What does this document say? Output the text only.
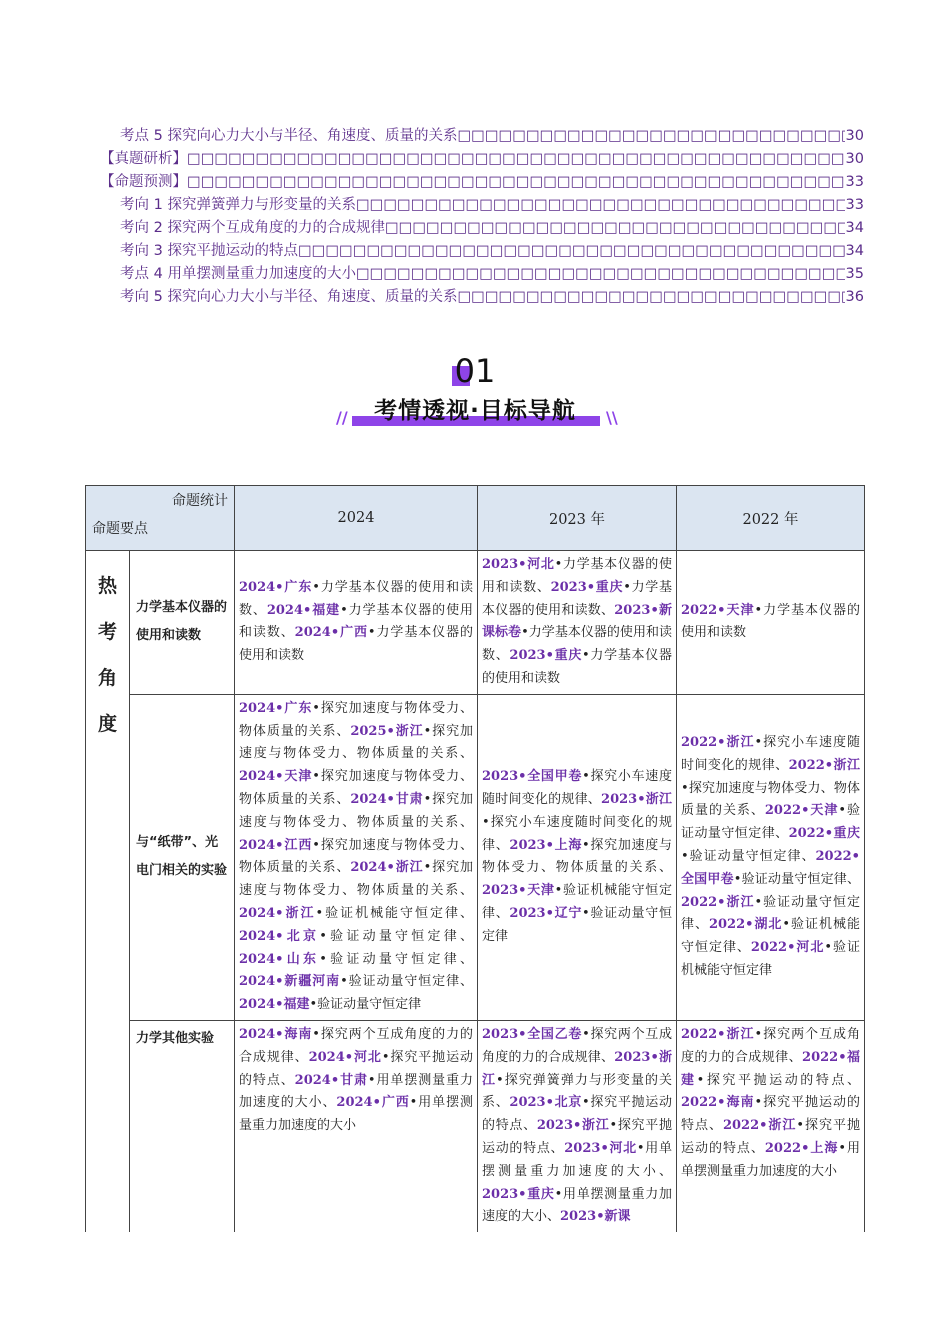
考点 5 探究向心力大小与半径、角速度、质量的关系 □□□□□□□□□□□□□□□□□□□□□□□□□□□□□□□□□□□□□□□□□□□□□□□□□□□□□□□□□□□□□□□□□□□□□□□□□□□□□□□□□□□□□□□□□□□□□□□□□□□□□□□□	30
【真题研析】 □□□□□□□□□□□□□□□□□□□□□□□□□□□□□□□□□□□□□□□□□□□□□□□□□□□□□□□□□□□□□□□□□□□□□□□□□□□□□□□□□□□□□□□□□□□□□□□□□□□□□□□□	30
【命题预测】 □□□□□□□□□□□□□□□□□□□□□□□□□□□□□□□□□□□□□□□□□□□□□□□□□□□□□□□□□□□□□□□□□□□□□□□□□□□□□□□□□□□□□□□□□□□□□□□□□□□□□□□□	33
考向 1 探究弹簧弹力与形变量的关系 □□□□□□□□□□□□□□□□□□□□□□□□□□□□□□□□□□□□□□□□□□□□□□□□□□□□□□□□□□□□□□□□□□□□□□□□□□□□□□□□□□□□□□□□□□□□□□□□□□□□□□□□	33
考向 2 探究两个互成角度的力的合成规律 □□□□□□□□□□□□□□□□□□□□□□□□□□□□□□□□□□□□□□□□□□□□□□□□□□□□□□□□□□□□□□□□□□□□□□□□□□□□□□□□□□□□□□□□□□□□□□□□□□□□□□□□	34
考向 3 探究平抛运动的特点 □□□□□□□□□□□□□□□□□□□□□□□□□□□□□□□□□□□□□□□□□□□□□□□□□□□□□□□□□□□□□□□□□□□□□□□□□□□□□□□□□□□□□□□□□□□□□□□□□□□□□□□□	34
考点 4 用单摆测量重力加速度的大小 □□□□□□□□□□□□□□□□□□□□□□□□□□□□□□□□□□□□□□□□□□□□□□□□□□□□□□□□□□□□□□□□□□□□□□□□□□□□□□□□□□□□□□□□□□□□□□□□□□□□□□□□	35
考向 5 探究向心力大小与半径、角速度、质量的关系 □□□□□□□□□□□□□□□□□□□□□□□□□□□□□□□□□□□□□□□□□□□□□□□□□□□□□□□□□□□□□□□□□□□□□□□□□□□□□□□□□□□□□□□□□□□□□□□□□□□□□□□□	36
01
//	考情透视·目标导航	\\
命题统计
命题要点		2024	2023 年	2022 年

热
考
角
度	力学基本仪器的使用和读数	2024•广东•力学基本仪器的使用和读数、2024•福建•力学基本仪器的使用和读数、2024•广西•力学基本仪器的使用和读数	2023•河北•力学基本仪器的使用和读数、2023•重庆•力学基本仪器的使用和读数、2023•新课标卷•力学基本仪器的使用和读数、2023•重庆•力学基本仪器的使用和读数	2022•天津•力学基本仪器的使用和读数
	与“纸带”、光电门相关的实验	2024•广东•探究加速度与物体受力、物体质量的关系、2025•浙江•探究加速度与物体受力、物体质量的关系、2024•天津•探究加速度与物体受力、物体质量的关系、2024•甘肃•探究加速度与物体受力、物体质量的关系、2024•江西•探究加速度与物体受力、物体质量的关系、2024•浙江•探究加速度与物体受力、物体质量的关系、2024•浙江•验证机械能守恒定律、2024•北京•验证动量守恒定律、2024•山东•验证动量守恒定律、2024•新疆河南•验证动量守恒定律、2024•福建•验证动量守恒定律	2023•全国甲卷•探究小车速度随时间变化的规律、2023•浙江•探究小车速度随时间变化的规律、2023•上海•探究加速度与物体受力、物体质量的关系、2023•天津•验证机械能守恒定律、2023•辽宁•验证动量守恒定律	2022•浙江•探究小车速度随时间变化的规律、2022•浙江•探究加速度与物体受力、物体质量的关系、2022•天津•验证动量守恒定律、2022•重庆•验证动量守恒定律、2022•全国甲卷•验证动量守恒定律、2022•浙江•验证动量守恒定律、2022•湖北•验证机械能守恒定律、2022•河北•验证机械能守恒定律
	力学其他实验	2024•海南•探究两个互成角度的力的合成规律、2024•河北•探究平抛运动的特点、2024•甘肃•用单摆测量重力加速度的大小、2024•广西•用单摆测量重力加速度的大小	2023•全国乙卷•探究两个互成角度的力的合成规律、2023•浙江•探究弹簧弹力与形变量的关系、2023•北京•探究平抛运动的特点、2023•浙江•探究平抛运动的特点、2023•河北•用单摆测量重力加速度的大小、2023•重庆•用单摆测量重力加速度的大小、2023•新课	2022•浙江•探究两个互成角度的力的合成规律、2022•福建•探究平抛运动的特点、2022•海南•探究平抛运动的特点、2022•浙江•探究平抛运动的特点、2022•上海•用单摆测量重力加速度的大小
